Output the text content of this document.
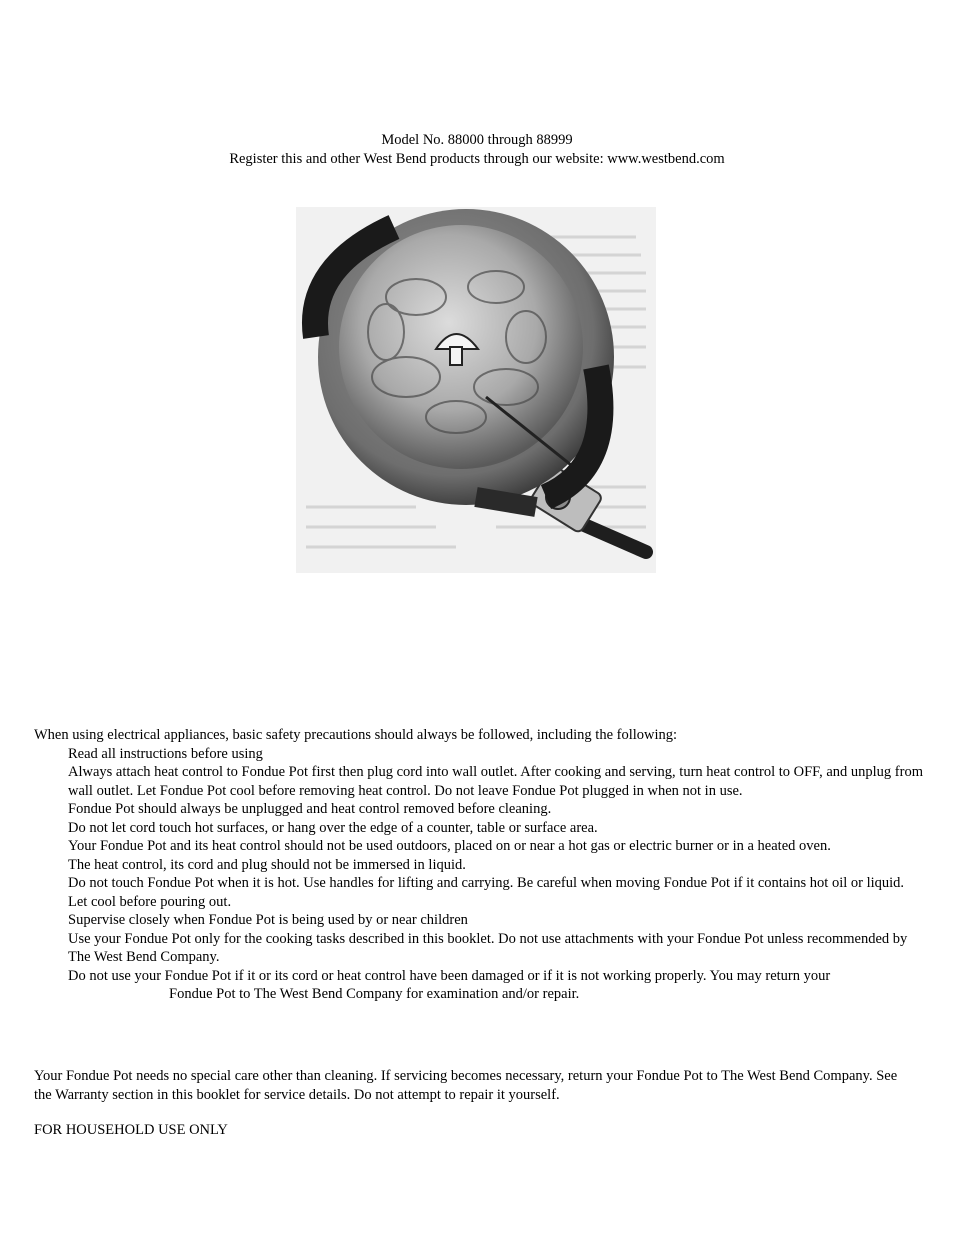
Model No. 88000 through 88999
Register this and other West Bend products through our website: www.westbend.com
When using electrical appliances, basic safety precautions should always be followed, including the following:
Read all instructions before using
Always attach heat control to Fondue Pot first then plug cord into wall outlet. After cooking and serving, turn heat control to OFF, and unplug from wall outlet. Let Fondue Pot cool before removing heat control. Do not leave Fondue Pot plugged in when not in use.
Fondue Pot should always be unplugged and heat control removed before cleaning.
Do not let cord touch hot surfaces, or hang over the edge of a counter, table or surface area.
Your Fondue Pot and its heat control should not be used outdoors, placed on or near a hot gas or electric burner or in a heated oven.
The heat control, its cord and plug should not be immersed in liquid.
Do not touch Fondue Pot when it is hot. Use handles for lifting and carrying. Be careful when moving Fondue Pot if it contains hot oil or liquid. Let cool before pouring out.
Supervise closely when Fondue Pot is being used by or near children
Use your Fondue Pot only for the cooking tasks described in this booklet. Do not use attachments with your Fondue Pot unless recommended by The West Bend Company.
Do not use your Fondue Pot if it or its cord or heat control have been damaged or if it is not working properly. You may return your
Fondue Pot to The West Bend Company for examination and/or repair.
Your Fondue Pot needs no special care other than cleaning. If servicing becomes necessary, return your Fondue Pot to The West Bend Company. See the Warranty section in this booklet for service details. Do not attempt to repair it yourself.
FOR HOUSEHOLD USE ONLY
